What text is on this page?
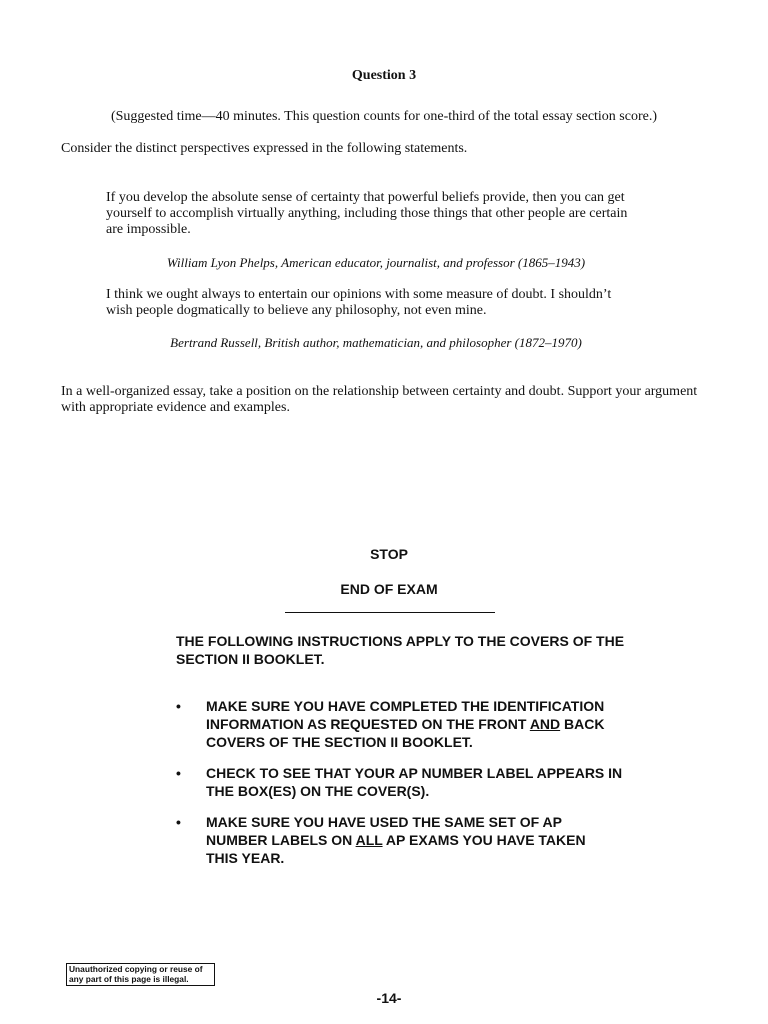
Question 3
(Suggested time—40 minutes. This question counts for one-third of the total essay section score.)
Consider the distinct perspectives expressed in the following statements.
If you develop the absolute sense of certainty that powerful beliefs provide, then you can get
yourself to accomplish virtually anything, including those things that other people are certain
are impossible.
William Lyon Phelps, American educator, journalist, and professor (1865–1943)
I think we ought always to entertain our opinions with some measure of doubt. I shouldn’t
wish people dogmatically to believe any philosophy, not even mine.
Bertrand Russell, British author, mathematician, and philosopher (1872–1970)
In a well-organized essay, take a position on the relationship between certainty and doubt. Support your argument
with appropriate evidence and examples.
STOP
END OF EXAM
THE FOLLOWING INSTRUCTIONS APPLY TO THE COVERS OF THE
SECTION II BOOKLET.
•	MAKE SURE YOU HAVE COMPLETED THE IDENTIFICATION
INFORMATION AS REQUESTED ON THE FRONT AND BACK
COVERS OF THE SECTION II BOOKLET.
•	CHECK TO SEE THAT YOUR AP NUMBER LABEL APPEARS IN
THE BOX(ES) ON THE COVER(S).
•	MAKE SURE YOU HAVE USED THE SAME SET OF AP
NUMBER LABELS ON ALL AP EXAMS YOU HAVE TAKEN
THIS YEAR.
Unauthorized copying or reuse of
any part of this page is illegal.
-14-
